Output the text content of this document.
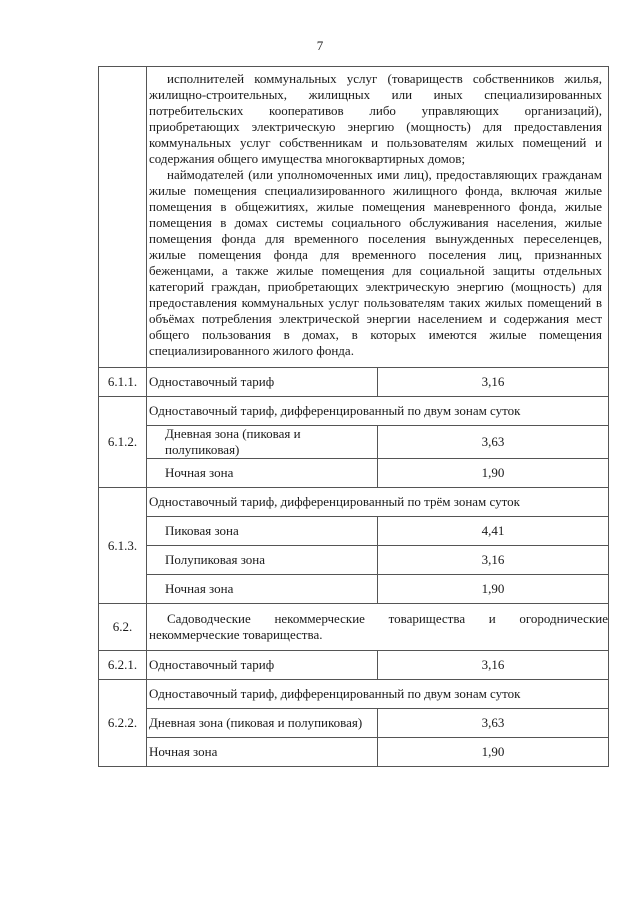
7

	исполнителей коммунальных услуг (товариществ собственников жилья, жилищно-строительных, жилищных или иных специализированных потребительских кооперативов либо управляющих организаций), приобретающих электрическую энергию (мощность) для предоставления коммунальных услуг собственникам и пользователям жилых помещений и содержания общего имущества многоквартирных домов;
наймодателей (или уполномоченных ими лиц), предоставляющих гражданам жилые помещения специализированного жилищного фонда, включая жилые помещения в общежитиях, жилые помещения маневренного фонда, жилые помещения в домах системы социального обслуживания населения, жилые помещения фонда для временного поселения вынужденных переселенцев, жилые помещения фонда для временного поселения лиц, признанных беженцами, а также жилые помещения для социальной защиты отдельных категорий граждан, приобретающих электрическую энергию (мощность) для предоставления коммунальных услуг пользователям таких жилых помещений в объёмах потребления электрической энергии населением и содержания мест общего пользования в домах, в которых имеются жилые помещения специализированного жилого фонда.	

6.1.1.	Одноставочный тариф	3,16
6.1.2.	Одноставочный тариф, дифференцированный по двум зонам суток	
	Дневная зона (пиковая и полупиковая)	3,63
	Ночная зона	1,90
6.1.3.	Одноставочный тариф, дифференцированный по трём зонам суток	
	Пиковая зона	4,41
	Полупиковая зона	3,16
	Ночная зона	1,90
6.2.	Садоводческие некоммерческие товарищества и огороднические некоммерческие товарищества.	
6.2.1.	Одноставочный тариф	3,16
6.2.2.	Одноставочный тариф, дифференцированный по двум зонам суток	
	Дневная зона (пиковая и полупиковая)	3,63
	Ночная зона	1,90
